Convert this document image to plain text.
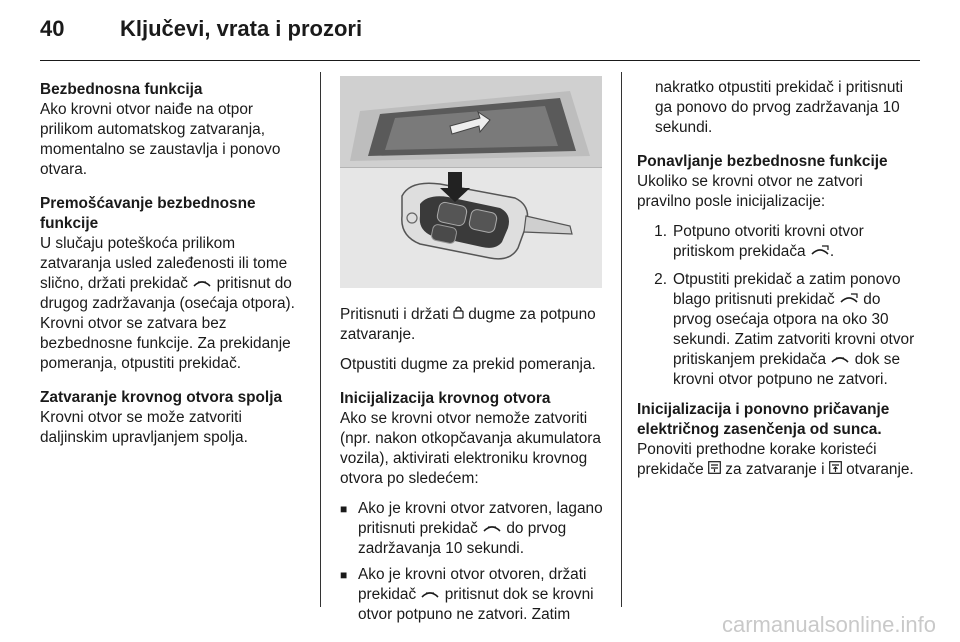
40	Ključevi, vrata i prozori

Bezbednosna funkcija

Ako krovni otvor naiđe na otpor prilikom automatskog zatvaranja, momentalno se zaustavlja i ponovo otvara.

Premošćavanje bezbednosne funkcije

U slučaju poteškoća prilikom zatvaranja usled zaleđenosti ili tome slično, držati prekidač pritisnut do drugog zadržavanja (osećaja otpora). Krovni otvor se zatvara bez bezbednosne funkcije. Za prekidanje pomeranja, otpustiti prekidač.

Zatvaranje krovnog otvora spolja

Krovni otvor se može zatvoriti daljinskim upravljanjem spolja.

Pritisnuti i držati dugme za potpuno zatvaranje.

Otpustiti dugme za prekid pomeranja.

Inicijalizacija krovnog otvora

Ako se krovni otvor nemože zatvoriti (npr. nakon otkopčavanja akumulatora vozila), aktivirati elektroniku krovnog otvora po sledećem:

■ Ako je krovni otvor zatvoren, lagano pritisnuti prekidač do prvog zadržavanja 10 sekundi.
■ Ako je krovni otvor otvoren, držati prekidač pritisnut dok se krovni otvor potpuno ne zatvori. Zatim

nakratko otpustiti prekidač i pritisnuti ga ponovo do prvog zadržavanja 10 sekundi.

Ponavljanje bezbednosne funkcije

Ukoliko se krovni otvor ne zatvori pravilno posle inicijalizacije:

1. Potpuno otvoriti krovni otvor pritiskom prekidača .
2. Otpustiti prekidač a zatim ponovo blago pritisnuti prekidač do prvog osećaja otpora na oko 30 sekundi. Zatim zatvoriti krovni otvor pritiskanjem prekidača dok se krovni otvor potpuno ne zatvori.

Inicijalizacija i ponovno pričavanje električnog zasenčenja od sunca.

Ponoviti prethodne korake koristeći prekidače za zatvaranje i otvaranje.

carmanualsonline.info
